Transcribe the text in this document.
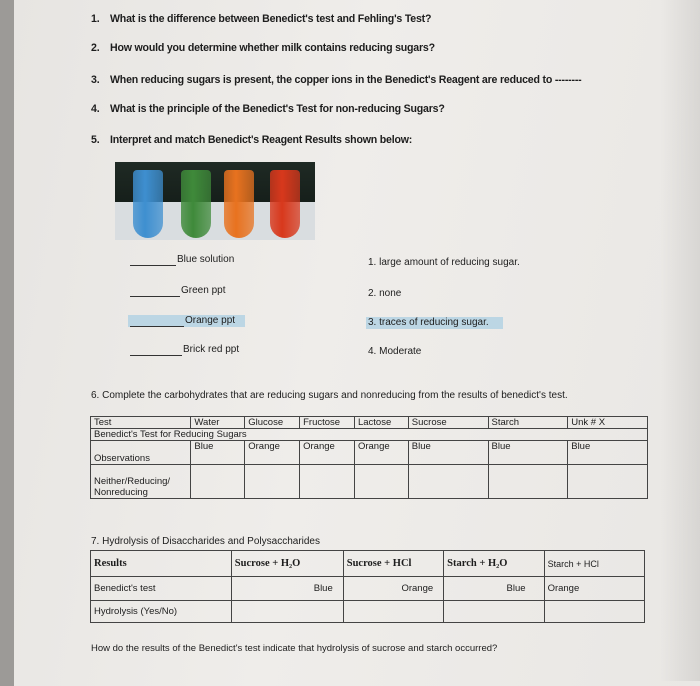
1. What is the difference between Benedict's test and Fehling's Test?
2. How would you determine whether milk contains reducing sugars?
3. When reducing sugars is present, the copper ions in the Benedict's Reagent are reduced to --------
4. What is the principle of the Benedict's Test for non-reducing Sugars?
5. Interpret and match Benedict's Reagent Results shown below:
Blue solution
Green ppt
Orange ppt
Brick red ppt
1. large amount of reducing sugar.
2. none
3. traces of reducing sugar.
4. Moderate
6. Complete the carbohydrates that are reducing sugars and nonreducing from the results of benedict's test.
Test	Water	Glucose	Fructose	Lactose	Sucrose	Starch	Unk # X
Benedict's Test for Reducing Sugars							
Observations	Blue	Orange	Orange	Orange	Blue	Blue	Blue
Neither/Reducing/
Nonreducing							
7. Hydrolysis of Disaccharides and Polysaccharides
Results	Sucrose + H₂O	Sucrose + HCl	Starch + H₂O	Starch + HCl
Benedict's test	Blue	Orange	Blue	Orange
Hydrolysis (Yes/No)				
How do the results of the Benedict's test indicate that hydrolysis of sucrose and starch occurred?
